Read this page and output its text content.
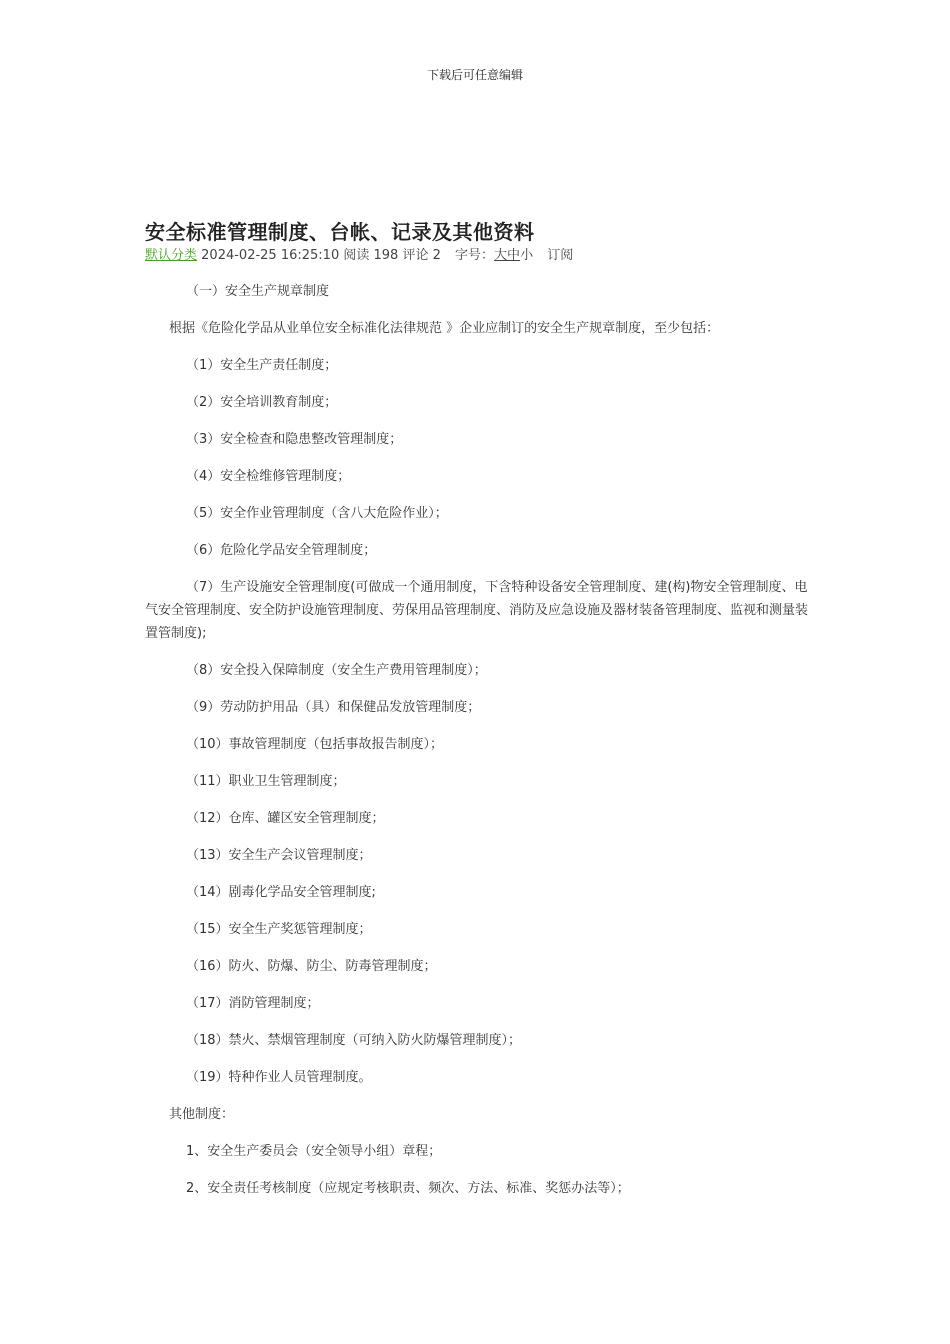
下载后可任意编辑
安全标准管理制度、台帐、记录及其他资料
默认分类 2024-02-25 16:25:10 阅读 198 评论 2 字号：大中小 订阅

（一）安全生产规章制度

根据《危险化学品从业单位安全标准化法律规范 》企业应制订的安全生产规章制度，至少包括：

（1）安全生产责任制度；

（2）安全培训教育制度；

（3）安全检查和隐患整改管理制度；

（4）安全检维修管理制度；

（5）安全作业管理制度（含八大危险作业）；

（6）危险化学品安全管理制度；

（7）生产设施安全管理制度(可做成一个通用制度，下含特种设备安全管理制度、建(构)物安全管理制度、电气安全管理制度、安全防护设施管理制度、劳保用品管理制度、消防及应急设施及器材装备管理制度、监视和测量装置管制度);

（8）安全投入保障制度（安全生产费用管理制度）；

（9）劳动防护用品（具）和保健品发放管理制度；

（10）事故管理制度（包括事故报告制度）；

（11）职业卫生管理制度；

（12）仓库、罐区安全管理制度；

（13）安全生产会议管理制度；

（14）剧毒化学品安全管理制度;

（15）安全生产奖惩管理制度；

（16）防火、防爆、防尘、防毒管理制度；

（17）消防管理制度；

（18）禁火、禁烟管理制度（可纳入防火防爆管理制度）；

（19）特种作业人员管理制度。

其他制度：

1、安全生产委员会（安全领导小组）章程；

2、安全责任考核制度（应规定考核职责、频次、方法、标准、奖惩办法等）；
